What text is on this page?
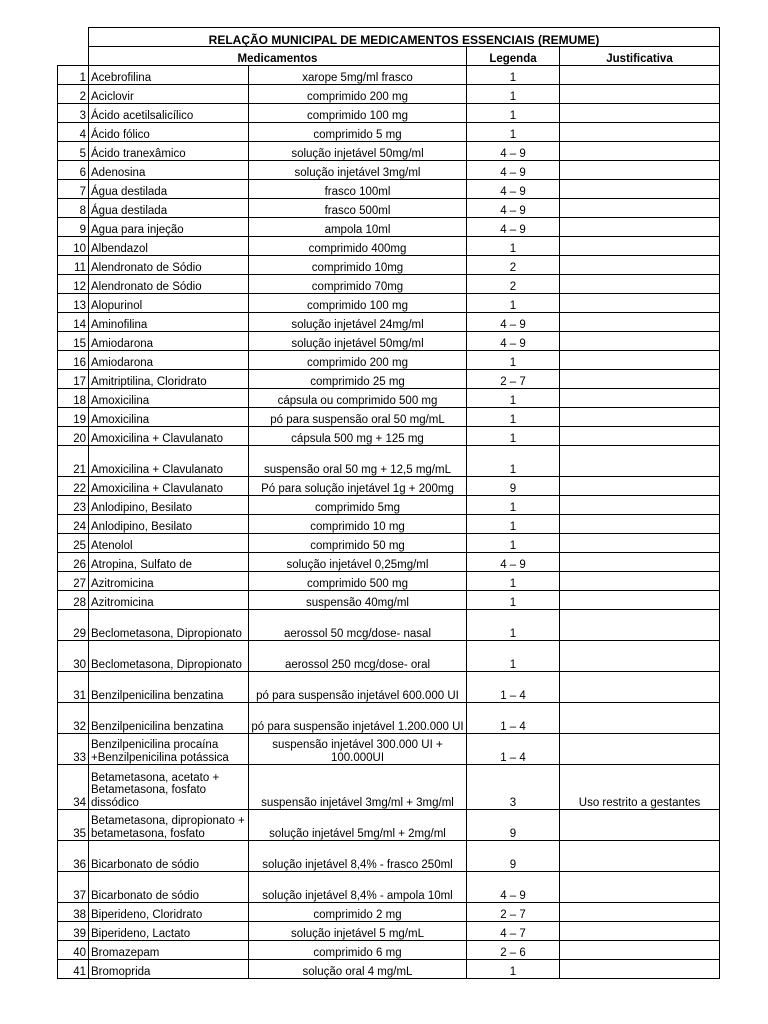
	RELAÇÃO MUNICIPAL DE MEDICAMENTOS ESSENCIAIS (REMUME)			
	Medicamentos		Legenda	Justificativa
1	Acebrofilina	xarope 5mg/ml frasco	1	
2	Aciclovir	comprimido 200 mg	1	
3	Ácido acetilsalicílico	comprimido 100 mg	1	
4	Ácido fólico	comprimido 5 mg	1	
5	Ácido tranexâmico	solução injetável 50mg/ml	4 – 9	
6	Adenosina	solução injetável 3mg/ml	4 – 9	
7	Água destilada	frasco 100ml	4 – 9	
8	Água destilada	frasco 500ml	4 – 9	
9	Agua para injeção	ampola 10ml	4 – 9	
10	Albendazol	comprimido 400mg	1	
11	Alendronato de Sódio	comprimido 10mg	2	
12	Alendronato de Sódio	comprimido 70mg	2	
13	Alopurinol	comprimido 100 mg	1	
14	Aminofilina	solução injetável 24mg/ml	4 – 9	
15	Amiodarona	solução injetável 50mg/ml	4 – 9	
16	Amiodarona	comprimido 200 mg	1	
17	Amitriptilina, Cloridrato	comprimido 25 mg	2 – 7	
18	Amoxicilina	cápsula ou comprimido 500 mg	1	
19	Amoxicilina	pó para suspensão oral 50 mg/mL	1	
20	Amoxicilina + Clavulanato	cápsula 500 mg + 125 mg	1	
21	Amoxicilina + Clavulanato	suspensão oral 50 mg + 12,5 mg/mL	1	
22	Amoxicilina + Clavulanato	Pó para solução injetável 1g + 200mg	9	
23	Anlodipino, Besilato	comprimido 5mg	1	
24	Anlodipino, Besilato	comprimido 10 mg	1	
25	Atenolol	comprimido 50 mg	1	
26	Atropina, Sulfato de	solução injetável 0,25mg/ml	4 – 9	
27	Azitromicina	comprimido 500 mg	1	
28	Azitromicina	suspensão 40mg/ml	1	
29	Beclometasona, Dipropionato	aerossol 50 mcg/dose- nasal	1	
30	Beclometasona, Dipropionato	aerossol 250 mcg/dose- oral	1	
31	Benzilpenicilina benzatina	pó para suspensão injetável 600.000 UI	1 – 4	
32	Benzilpenicilina benzatina	pó para suspensão injetável 1.200.000 UI	1 – 4	
33	Benzilpenicilina procaína +Benzilpenicilina potássica	suspensão injetável 300.000 UI + 100.000UI	1 – 4	
34	Betametasona, acetato + Betametasona, fosfato dissódico	suspensão injetável 3mg/ml + 3mg/ml	3	Uso restrito a gestantes
35	Betametasona, dipropionato + betametasona, fosfato	solução injetável 5mg/ml + 2mg/ml	9	
36	Bicarbonato de sódio	solução injetável 8,4% - frasco 250ml	9	
37	Bicarbonato de sódio	solução injetável 8,4% - ampola 10ml	4 – 9	
38	Biperideno, Cloridrato	comprimido 2 mg	2 – 7	
39	Biperideno, Lactato	solução injetável 5 mg/mL	4 – 7	
40	Bromazepam	comprimido 6 mg	2 – 6	
41	Bromoprida	solução oral 4 mg/mL	1	
